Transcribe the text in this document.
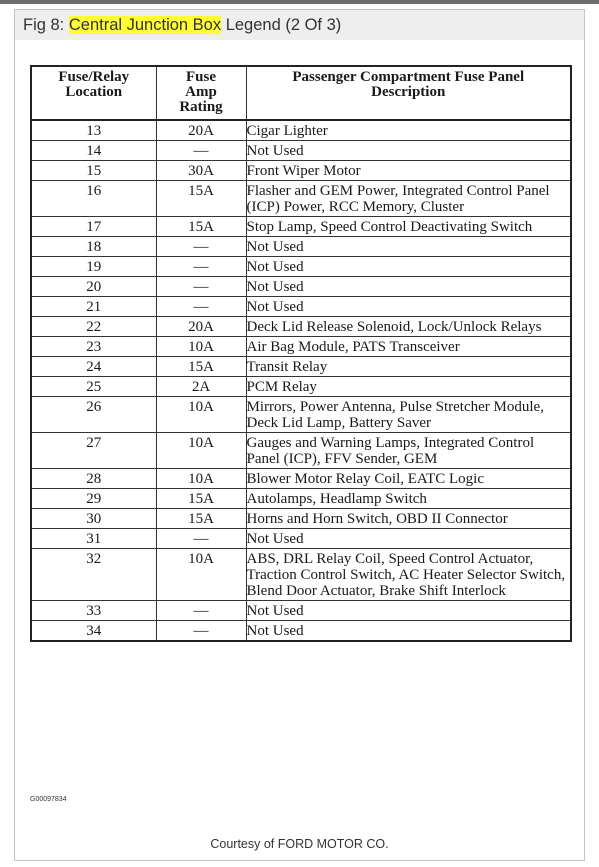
Fig 8: Central Junction Box Legend (2 Of 3)
Fuse/Relay
Location	Fuse
Amp
Rating	Passenger Compartment Fuse Panel
Description
13	20A	Cigar Lighter
14	—	Not Used
15	30A	Front Wiper Motor
16	15A	Flasher and GEM Power, Integrated Control Panel (ICP) Power, RCC Memory, Cluster
17	15A	Stop Lamp, Speed Control Deactivating Switch
18	—	Not Used
19	—	Not Used
20	—	Not Used
21	—	Not Used
22	20A	Deck Lid Release Solenoid, Lock/Unlock Relays
23	10A	Air Bag Module, PATS Transceiver
24	15A	Transit Relay
25	2A	PCM Relay
26	10A	Mirrors, Power Antenna, Pulse Stretcher Module, Deck Lid Lamp, Battery Saver
27	10A	Gauges and Warning Lamps, Integrated Control Panel (ICP), FFV Sender, GEM
28	10A	Blower Motor Relay Coil, EATC Logic
29	15A	Autolamps, Headlamp Switch
30	15A	Horns and Horn Switch, OBD II Connector
31	—	Not Used
32	10A	ABS, DRL Relay Coil, Speed Control Actuator, Traction Control Switch, AC Heater Selector Switch, Blend Door Actuator, Brake Shift Interlock
33	—	Not Used
34	—	Not Used
G00097834
Courtesy of FORD MOTOR CO.
